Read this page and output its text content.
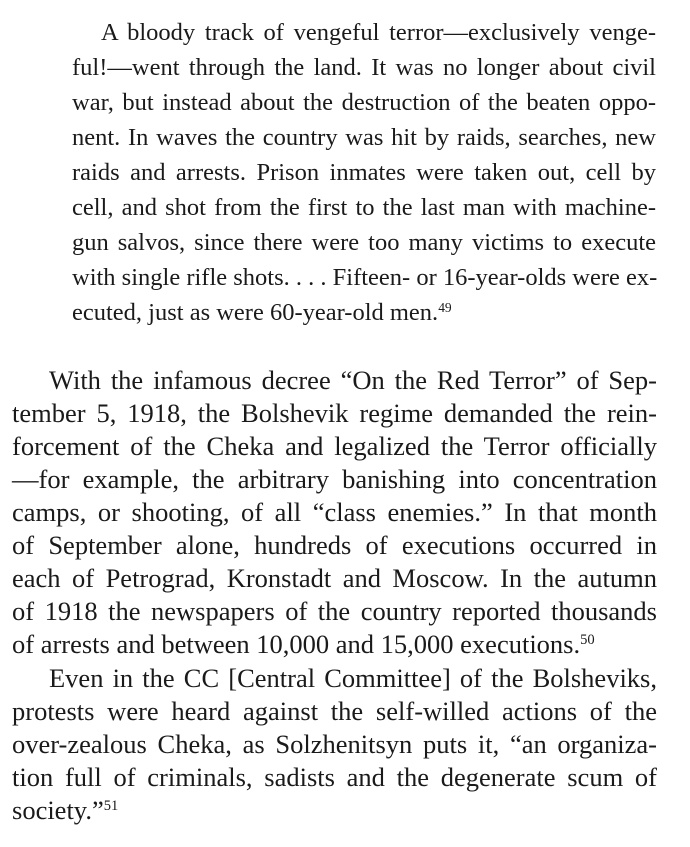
A bloody track of vengeful terror—exclusively venge-
ful!—went through the land. It was no longer about civil
war, but instead about the destruction of the beaten oppo-
nent. In waves the country was hit by raids, searches, new
raids and arrests. Prison inmates were taken out, cell by
cell, and shot from the first to the last man with machine-
gun salvos, since there were too many victims to execute
with single rifle shots. . . . Fifteen- or 16-year-olds were ex-
ecuted, just as were 60-year-old men.$^{49}$
With the infamous decree “On the Red Terror” of Sep-
tember 5, 1918, the Bolshevik regime demanded the rein-
forcement of the Cheka and legalized the Terror officially
—for example, the arbitrary banishing into concentration
camps, or shooting, of all “class enemies.” In that month
of September alone, hundreds of executions occurred in
each of Petrograd, Kronstadt and Moscow. In the autumn
of 1918 the newspapers of the country reported thousands
of arrests and between 10,000 and 15,000 executions.$^{50}$
Even in the CC [Central Committee] of the Bolsheviks,
protests were heard against the self-willed actions of the
over-zealous Cheka, as Solzhenitsyn puts it, “an organiza-
tion full of criminals, sadists and the degenerate scum of
society.”$^{51}$
